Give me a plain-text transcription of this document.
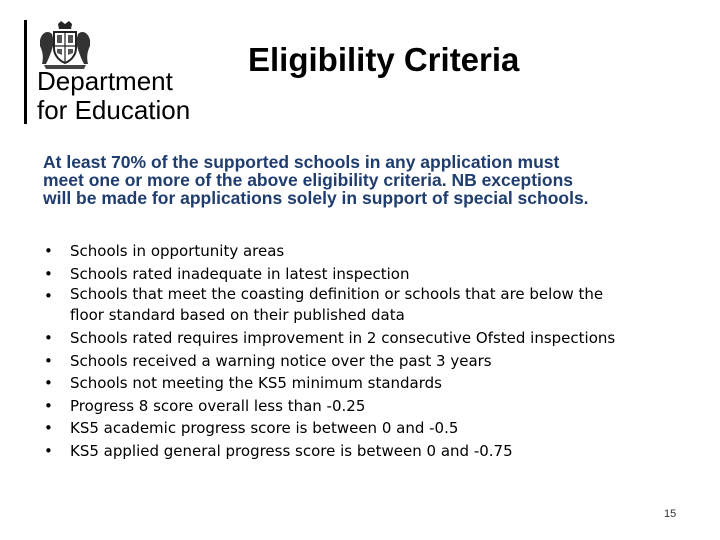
Department
for Education
Eligibility Criteria
At least 70% of the supported schools in any application must
meet one or more of the above eligibility criteria. NB exceptions
will be made for applications solely in support of special schools.
• Schools in opportunity areas
• Schools rated inadequate in latest inspection
• Schools that meet the coasting definition or schools that are below the
floor standard based on their published data
• Schools rated requires improvement in 2 consecutive Ofsted inspections
• Schools received a warning notice over the past 3 years
• Schools not meeting the KS5 minimum standards
• Progress 8 score overall less than -0.25
• KS5 academic progress score is between 0 and -0.5
• KS5 applied general progress score is between 0 and -0.75
15
